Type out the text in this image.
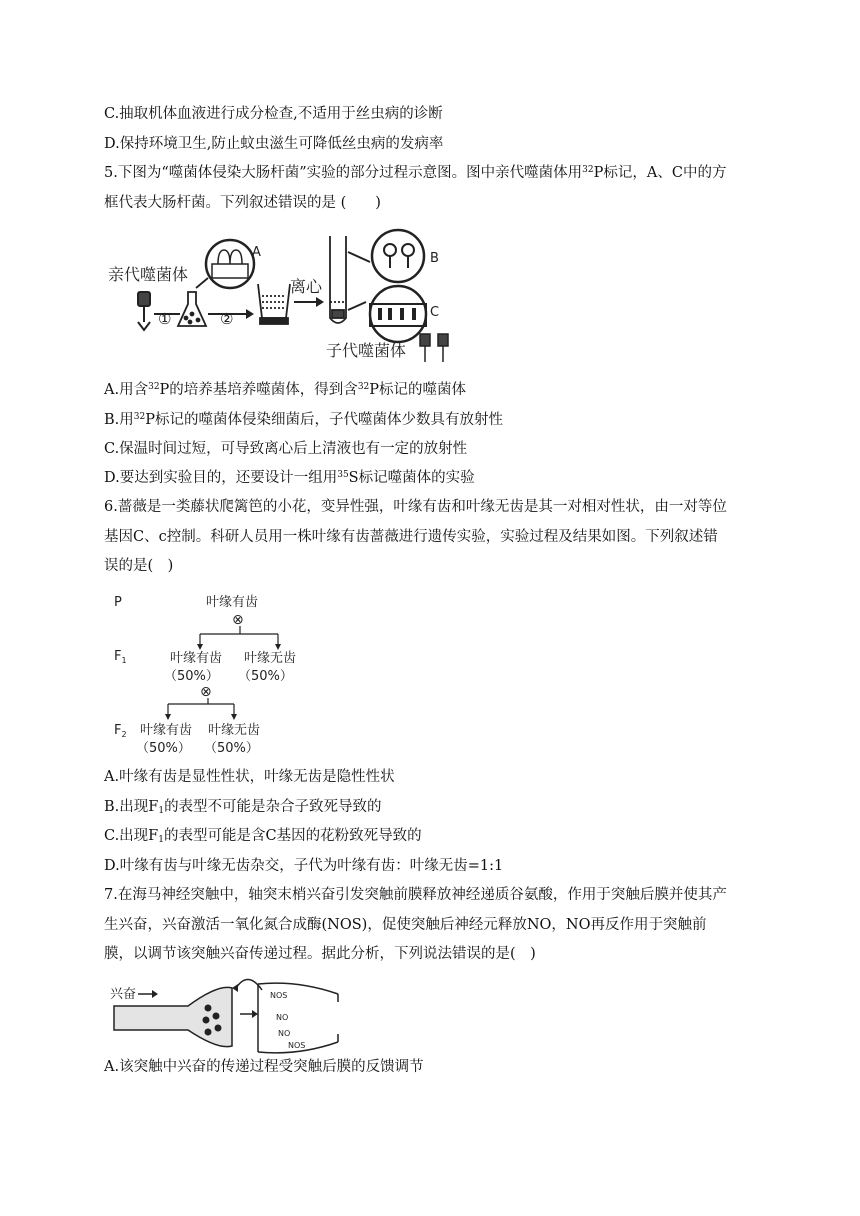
C.抽取机体血液进行成分检查,不适用于丝虫病的诊断
D.保持环境卫生,防止蚊虫滋生可降低丝虫病的发病率
5.下图为“噬菌体侵染大肠杆菌”实验的部分过程示意图。图中亲代噬菌体用$^{32}$P标记，A、C中的方
框代表大肠杆菌。下列叙述错误的是 (　　)
亲代噬菌体
①	②
A
离心
B
C
子代噬菌体
A.用含$^{32}$P的培养基培养噬菌体，得到含$^{32}$P标记的噬菌体
B.用$^{32}$P标记的噬菌体侵染细菌后，子代噬菌体少数具有放射性
C.保温时间过短，可导致离心后上清液也有一定的放射性
D.要达到实验目的，还要设计一组用$^{35}$S标记噬菌体的实验
6.蔷薇是一类藤状爬篱笆的小花，变异性强，叶缘有齿和叶缘无齿是其一对相对性状，由一对等位
基因C、c控制。科研人员用一株叶缘有齿蔷薇进行遗传实验，实验过程及结果如图。下列叙述错
误的是(　)
P
$F_1$
$F_2$
叶缘有齿
⊗
叶缘有齿
（50%）
叶缘无齿
（50%）
⊗
叶缘有齿
（50%）
叶缘无齿
（50%）
A.叶缘有齿是显性性状，叶缘无齿是隐性性状
B.出现$F_1$的表型不可能是杂合子致死导致的
C.出现$F_1$的表型可能是含C基因的花粉致死导致的
D.叶缘有齿与叶缘无齿杂交，子代为叶缘有齿：叶缘无齿=1:1
7.在海马神经突触中，轴突末梢兴奋引发突触前膜释放神经递质谷氨酸，作用于突触后膜并使其产
生兴奋，兴奋激活一氧化氮合成酶(NOS)，促使突触后神经元释放NO，NO再反作用于突触前
膜，以调节该突触兴奋传递过程。据此分析，下列说法错误的是(　)
兴奋	NOS
NO
NO
NOS
A.该突触中兴奋的传递过程受突触后膜的反馈调节
